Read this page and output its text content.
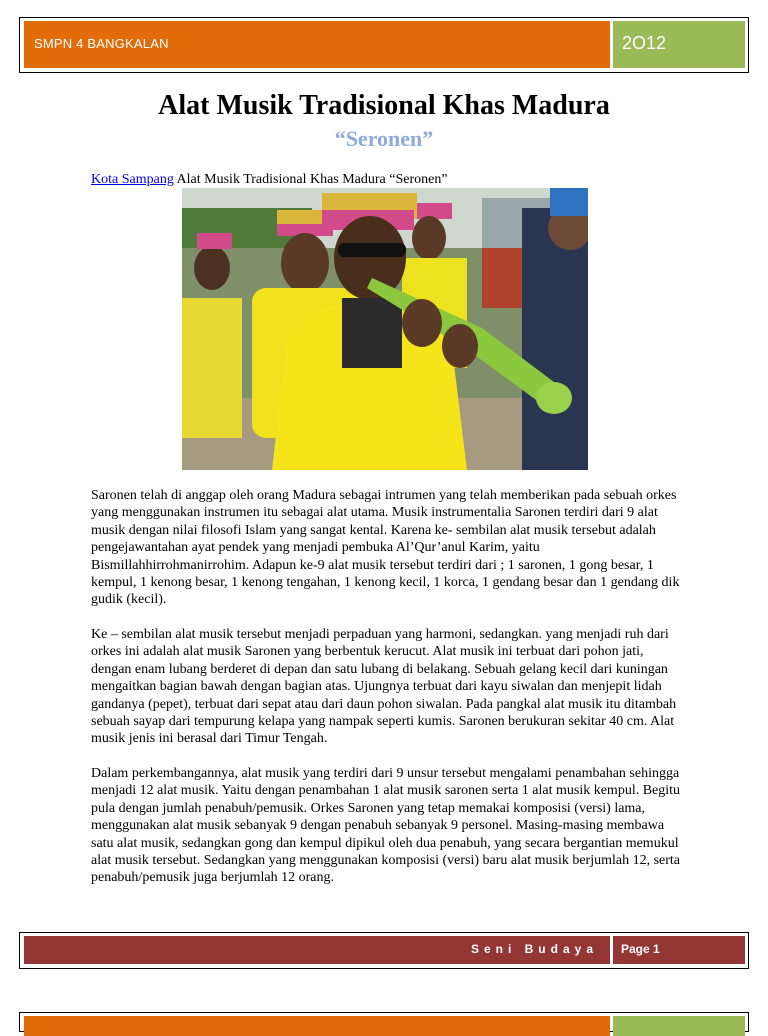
SMPN 4 BANGKALAN	2O12
Alat Musik Tradisional Khas Madura
“Seronen”
Kota Sampang Alat Musik Tradisional Khas Madura “Seronen”

Saronen telah di anggap oleh orang Madura sebagai intrumen yang telah memberikan pada sebuah orkes yang menggunakan instrumen itu sebagai alat utama. Musik instrumentalia Saronen terdiri dari 9 alat musik dengan nilai filosofi Islam yang sangat kental. Karena ke- sembilan alat musik tersebut adalah pengejawantahan ayat pendek yang menjadi pembuka Al’Qur’anul Karim, yaitu Bismillahhirrohmanirrohim. Adapun ke-9 alat musik tersebut terdiri dari ; 1 saronen, 1 gong besar, 1 kempul, 1 kenong besar, 1 kenong tengahan, 1 kenong kecil, 1 korca, 1 gendang besar dan 1 gendang dik gudik (kecil).

Ke – sembilan alat musik tersebut menjadi perpaduan yang harmoni, sedangkan. yang menjadi ruh dari orkes ini adalah alat musik Saronen yang berbentuk kerucut. Alat musik ini terbuat dari pohon jati, dengan enam lubang berderet di depan dan satu lubang di belakang. Sebuah gelang kecil dari kuningan mengaitkan bagian bawah dengan bagian atas. Ujungnya terbuat dari kayu siwalan dan menjepit lidah gandanya (pepet), terbuat dari sepat atau dari daun pohon siwalan. Pada pangkal alat musik itu ditambah sebuah sayap dari tempurung kelapa yang nampak seperti kumis. Saronen berukuran sekitar 40 cm. Alat musik jenis ini berasal dari Timur Tengah.

Dalam perkembangannya, alat musik yang terdiri dari 9 unsur tersebut mengalami penambahan sehingga menjadi 12 alat musik. Yaitu dengan penambahan 1 alat musik saronen serta 1 alat musik kempul. Begitu pula dengan jumlah penabuh/pemusik. Orkes Saronen yang tetap memakai komposisi (versi) lama, menggunakan alat musik sebanyak 9 dengan penabuh sebanyak 9 personel. Masing-masing membawa satu alat musik, sedangkan gong dan kempul dipikul oleh dua penabuh, yang secara bergantian memukul alat musik tersebut. Sedangkan yang menggunakan komposisi (versi) baru alat musik berjumlah 12, serta penabuh/pemusik juga berjumlah 12 orang.

Seni Budaya Page 1
